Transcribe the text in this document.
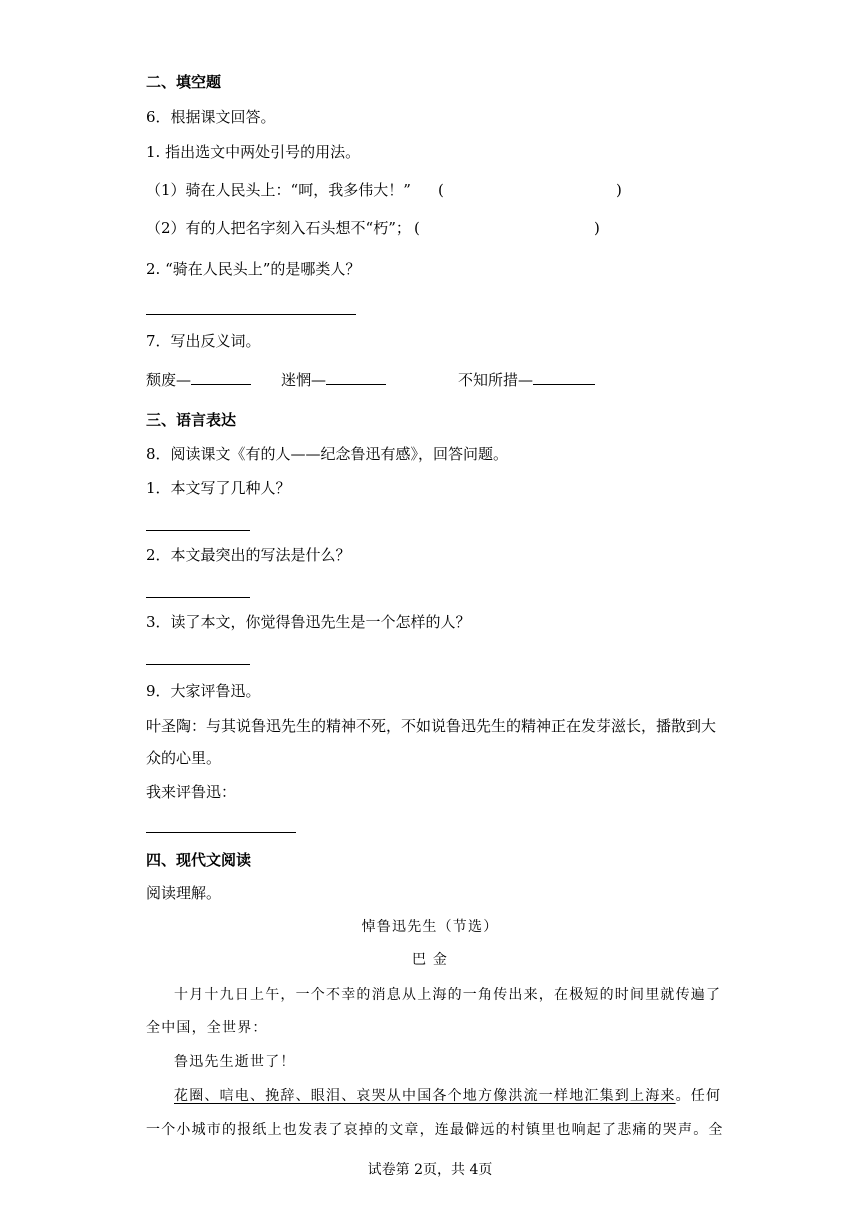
二、填空题
6．根据课文回答。
1. 指出选文中两处引号的用法。
（1）骑在人民头上：“呵，我多伟大！” (	)
（2）有的人把名字刻入石头想不“朽”； (	)
2. “骑在人民头上”的是哪类人？
7．写出反义词。
颓废—	迷惘—	不知所措—
三、语言表达
8．阅读课文《有的人——纪念鲁迅有感》，回答问题。
1．本文写了几种人？
2．本文最突出的写法是什么？
3．读了本文，你觉得鲁迅先生是一个怎样的人？
9．大家评鲁迅。
叶圣陶：与其说鲁迅先生的精神不死，不如说鲁迅先生的精神正在发芽滋长，播散到大
众的心里。
我来评鲁迅：
四、现代文阅读
阅读理解。
悼鲁迅先生（节选）
巴 金
十月十九日上午，一个不幸的消息从上海的一角传出来，在极短的时间里就传遍了
全中国，全世界：
鲁迅先生逝世了！
花圈、唁电、挽辞、眼泪、哀哭从中国各个地方像洪流一样地汇集到上海来。任何
一个小城市的报纸上也发表了哀掉的文章，连最僻远的村镇里也响起了悲痛的哭声。全
试卷第 2页，共 4页
